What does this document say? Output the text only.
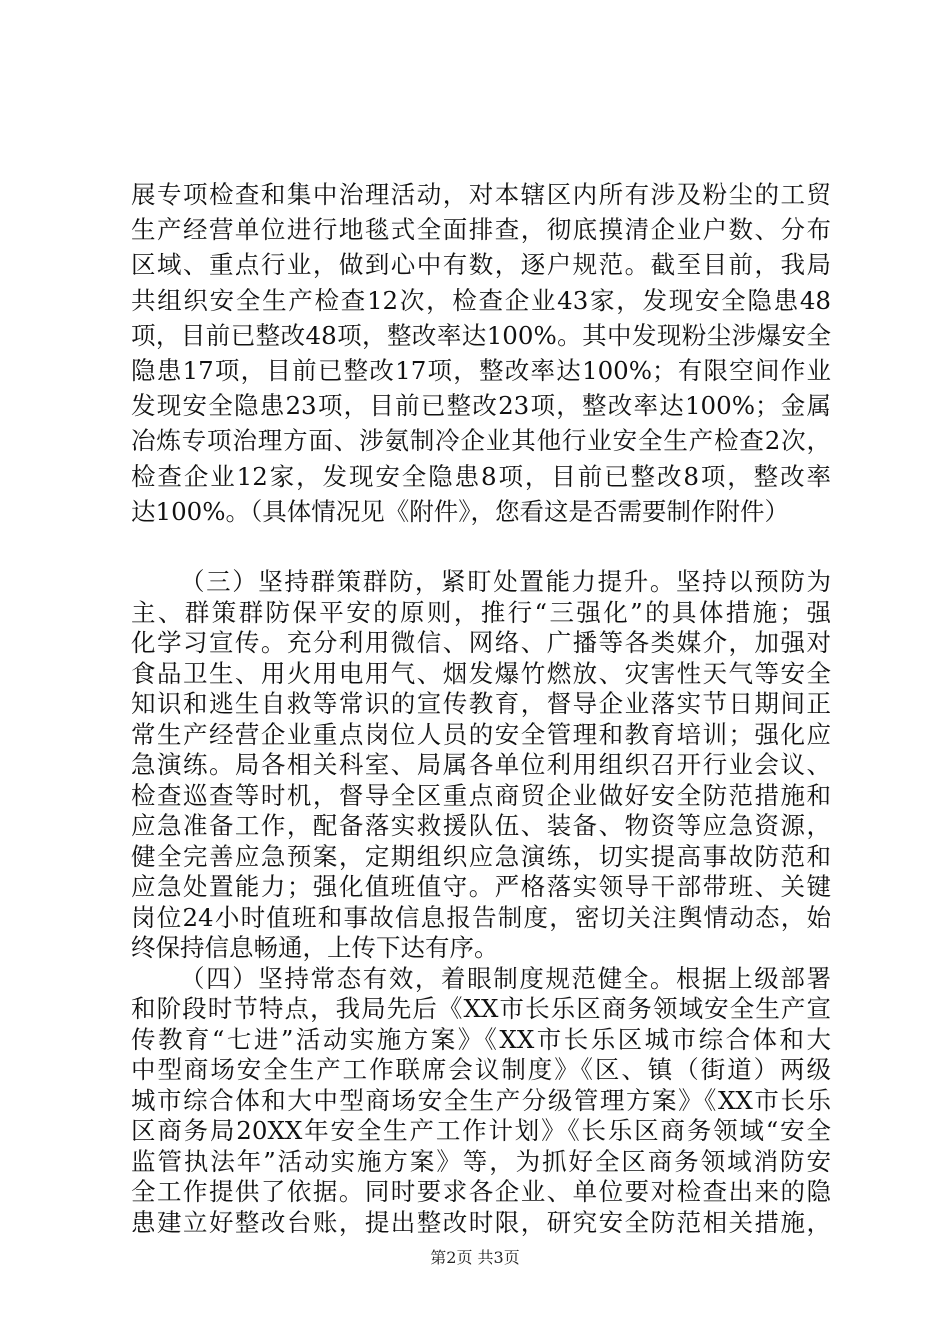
展专项检查和集中治理活动，对本辖区内所有涉及粉尘的工贸
生产经营单位进行地毯式全面排查，彻底摸清企业户数、分布
区域、重点行业，做到心中有数，逐户规范。截至目前，我局
共组织安全生产检查12次，检查企业43家，发现安全隐患48
项，目前已整改48项，整改率达100%。其中发现粉尘涉爆安全
隐患17项，目前已整改17项，整改率达100%；有限空间作业
发现安全隐患23项，目前已整改23项，整改率达100%；金属
冶炼专项治理方面、涉氨制冷企业其他行业安全生产检查2次，
检查企业12家，发现安全隐患8项，目前已整改8项，整改率
达100%。（具体情况见《附件》，您看这是否需要制作附件）
（三）坚持群策群防，紧盯处置能力提升。坚持以预防为
主、群策群防保平安的原则，推行“三强化”的具体措施；强
化学习宣传。充分利用微信、网络、广播等各类媒介，加强对
食品卫生、用火用电用气、烟发爆竹燃放、灾害性天气等安全
知识和逃生自救等常识的宣传教育，督导企业落实节日期间正
常生产经营企业重点岗位人员的安全管理和教育培训；强化应
急演练。局各相关科室、局属各单位利用组织召开行业会议、
检查巡查等时机，督导全区重点商贸企业做好安全防范措施和
应急准备工作，配备落实救援队伍、装备、物资等应急资源，
健全完善应急预案，定期组织应急演练，切实提高事故防范和
应急处置能力；强化值班值守。严格落实领导干部带班、关键
岗位24小时值班和事故信息报告制度，密切关注舆情动态，始
终保持信息畅通，上传下达有序。
（四）坚持常态有效，着眼制度规范健全。根据上级部署
和阶段时节特点，我局先后《XX市长乐区商务领域安全生产宣
传教育“七进”活动实施方案》《XX市长乐区城市综合体和大
中型商场安全生产工作联席会议制度》《区、镇（街道）两级
城市综合体和大中型商场安全生产分级管理方案》《XX市长乐
区商务局20XX年安全生产工作计划》《长乐区商务领域“安全
监管执法年”活动实施方案》等，为抓好全区商务领域消防安
全工作提供了依据。同时要求各企业、单位要对检查出来的隐
患建立好整改台账，提出整改时限，研究安全防范相关措施，
第2页 共3页
